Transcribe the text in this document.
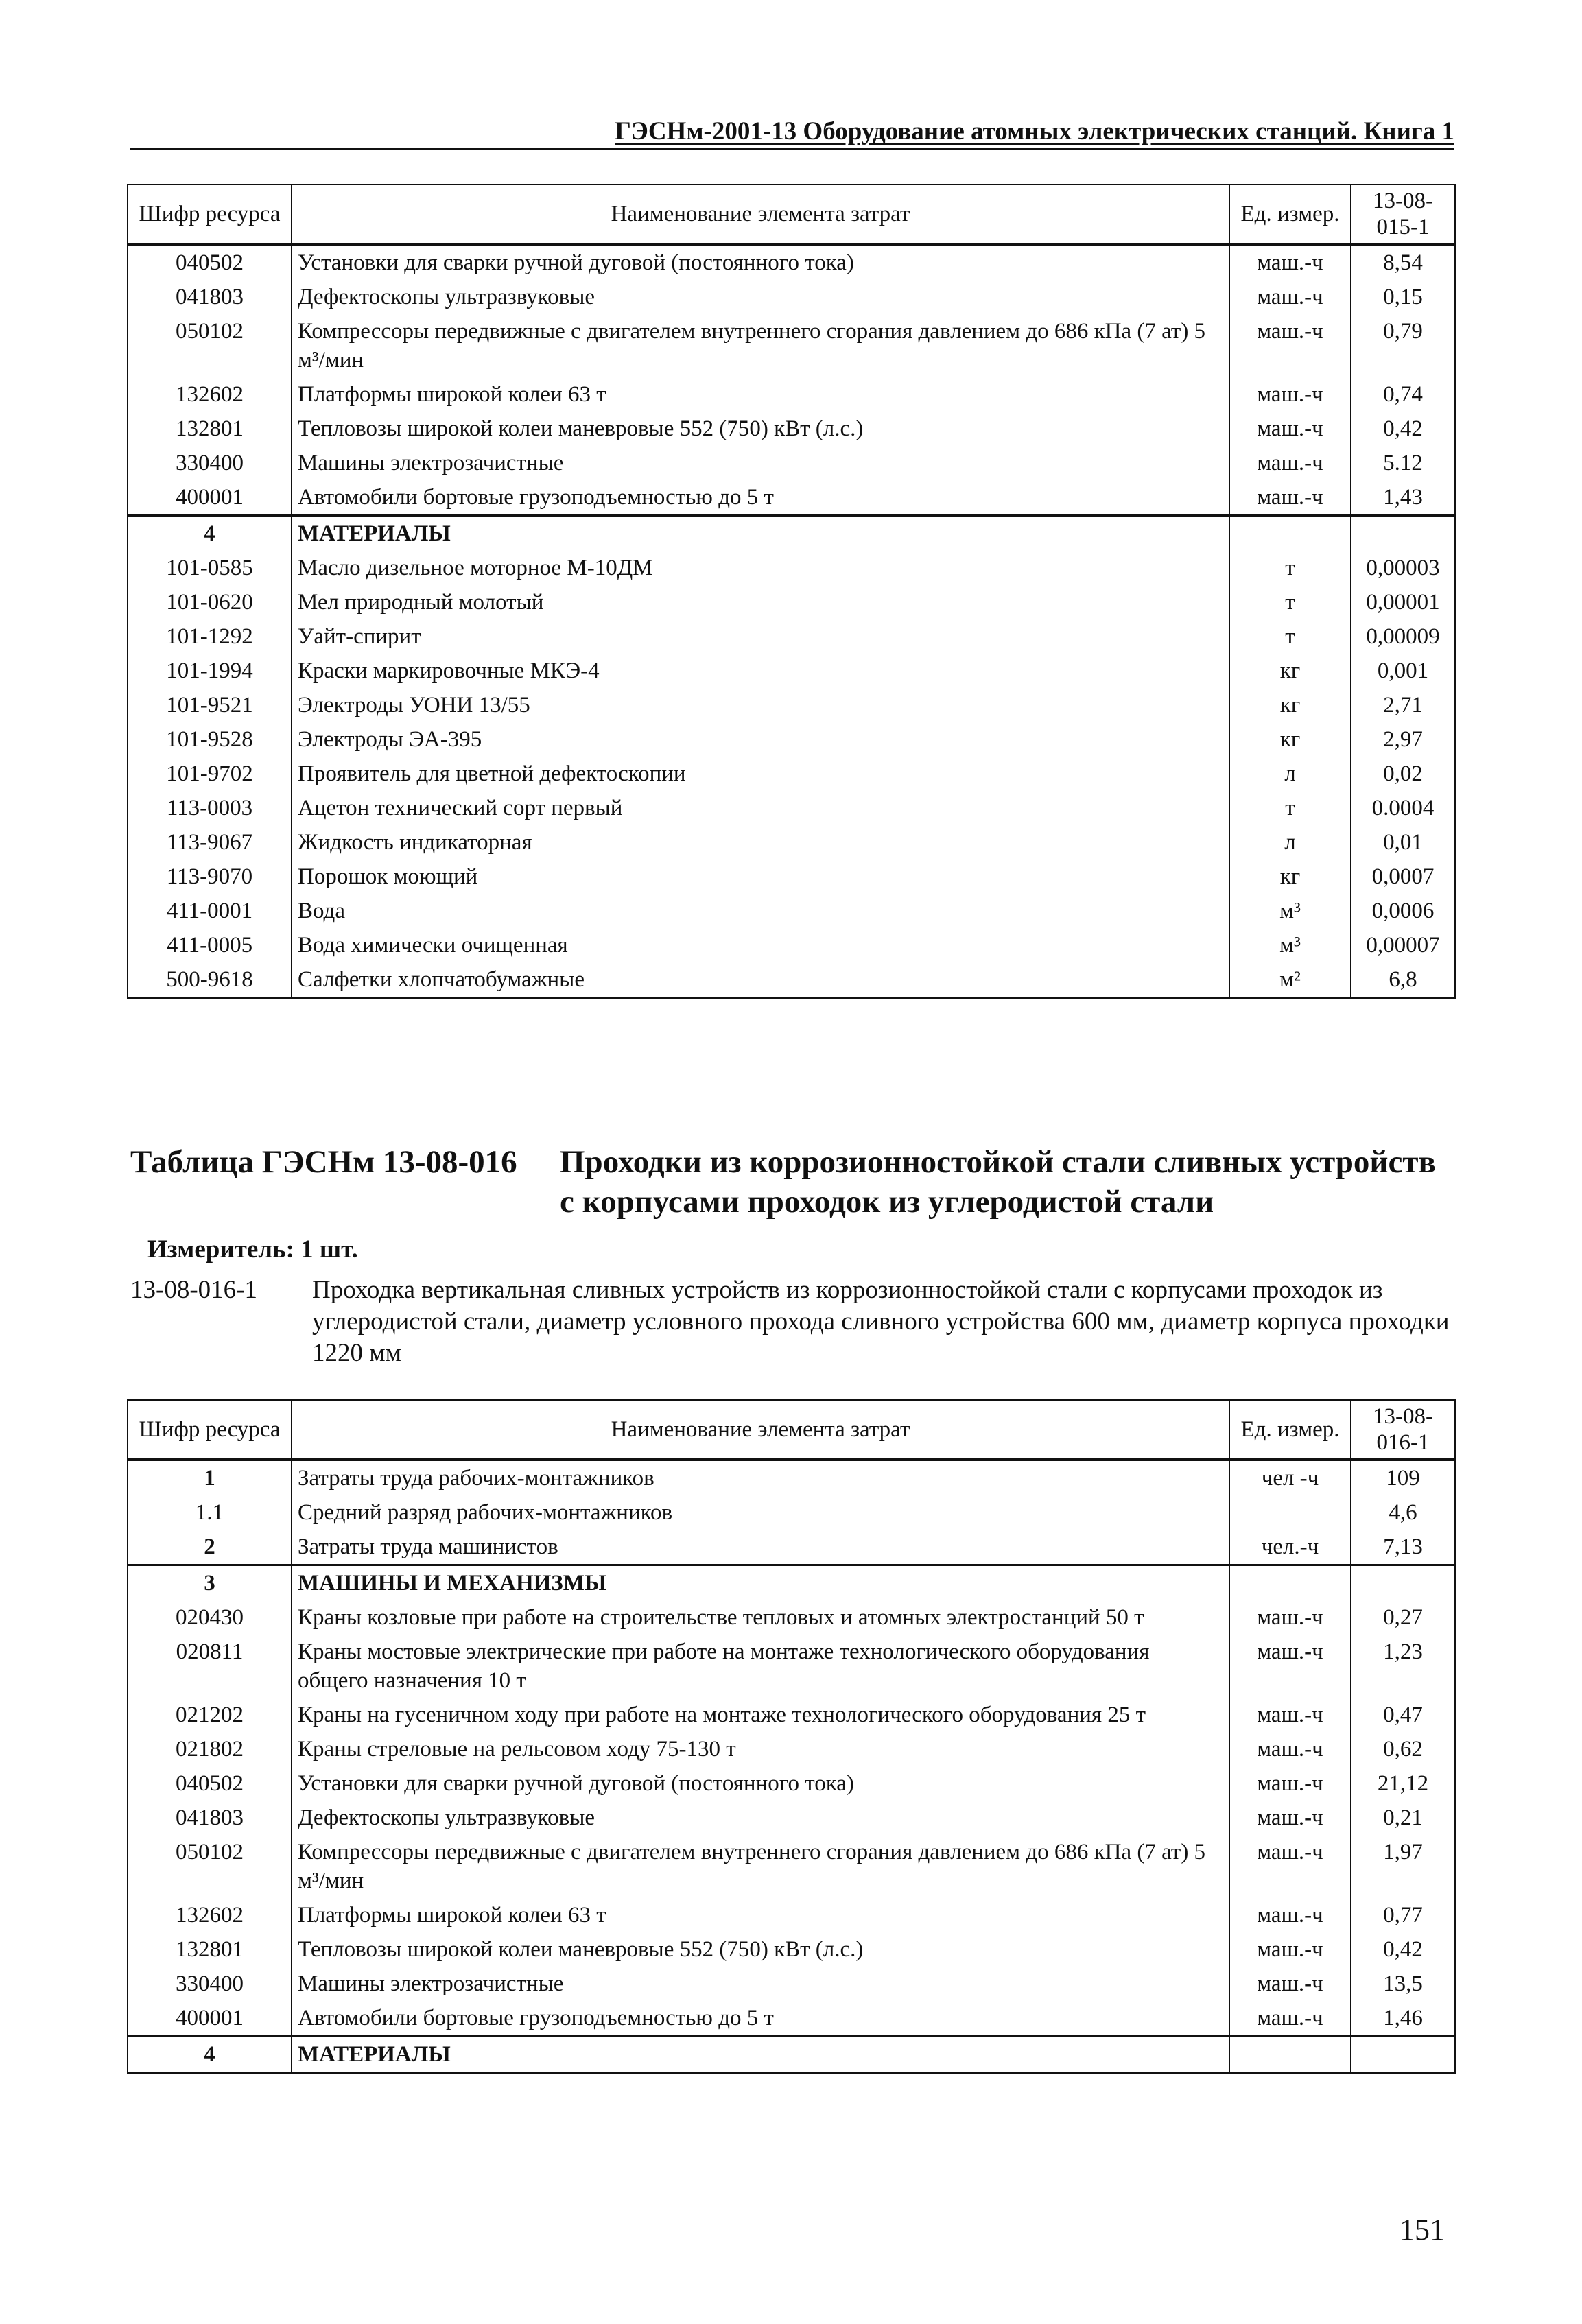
ГЭСНм-2001-13 Оборудование атомных электрических станций. Книга 1
Шифр ресурса	Наименование элемента затрат	Ед. измер.	13-08-015-1
040502	Установки для сварки ручной дуговой (постоянного тока)	маш.-ч	8,54
041803	Дефектоскопы ультразвуковые	маш.-ч	0,15
050102	Компрессоры передвижные с двигателем внутреннего сгорания давлением до 686 кПа (7 ат) 5 м³/мин	маш.-ч	0,79
132602	Платформы широкой колеи 63 т	маш.-ч	0,74
132801	Тепловозы широкой колеи маневровые 552 (750) кВт (л.с.)	маш.-ч	0,42
330400	Машины электрозачистные	маш.-ч	5.12
400001	Автомобили бортовые грузоподъемностью до 5 т	маш.-ч	1,43
4	МАТЕРИАЛЫ		
101-0585	Масло дизельное моторное М-10ДМ	т	0,00003
101-0620	Мел природный молотый	т	0,00001
101-1292	Уайт-спирит	т	0,00009
101-1994	Краски маркировочные МКЭ-4	кг	0,001
101-9521	Электроды УОНИ 13/55	кг	2,71
101-9528	Электроды ЭА-395	кг	2,97
101-9702	Проявитель для цветной дефектоскопии	л	0,02
113-0003	Ацетон технический сорт первый	т	0.0004
113-9067	Жидкость индикаторная	л	0,01
113-9070	Порошок моющий	кг	0,0007
411-0001	Вода	м³	0,0006
411-0005	Вода химически очищенная	м³	0,00007
500-9618	Салфетки хлопчатобумажные	м²	6,8
Таблица ГЭСНм 13-08-016 Проходки из коррозионностойкой стали сливных устройств с корпусами проходок из углеродистой стали
Измеритель: 1 шт.
13-08-016-1 Проходка вертикальная сливных устройств из коррозионностойкой стали с корпусами проходок из углеродистой стали, диаметр условного прохода сливного устройства 600 мм, диаметр корпуса проходки 1220 мм
Шифр ресурса	Наименование элемента затрат	Ед. измер.	13-08-016-1
1	Затраты труда рабочих-монтажников	чел -ч	109
1.1	Средний разряд рабочих-монтажников		4,6
2	Затраты труда машинистов	чел.-ч	7,13
3	МАШИНЫ И МЕХАНИЗМЫ		
020430	Краны козловые при работе на строительстве тепловых и атомных электростанций 50 т	маш.-ч	0,27
020811	Краны мостовые электрические при работе на монтаже технологического оборудования общего назначения 10 т	маш.-ч	1,23
021202	Краны на гусеничном ходу при работе на монтаже технологического оборудования 25 т	маш.-ч	0,47
021802	Краны стреловые на рельсовом ходу 75-130 т	маш.-ч	0,62
040502	Установки для сварки ручной дуговой (постоянного тока)	маш.-ч	21,12
041803	Дефектоскопы ультразвуковые	маш.-ч	0,21
050102	Компрессоры передвижные с двигателем внутреннего сгорания давлением до 686 кПа (7 ат) 5 м³/мин	маш.-ч	1,97
132602	Платформы широкой колеи 63 т	маш.-ч	0,77
132801	Тепловозы широкой колеи маневровые 552 (750) кВт (л.с.)	маш.-ч	0,42
330400	Машины электрозачистные	маш.-ч	13,5
400001	Автомобили бортовые грузоподъемностью до 5 т	маш.-ч	1,46
4	МАТЕРИАЛЫ		
151
